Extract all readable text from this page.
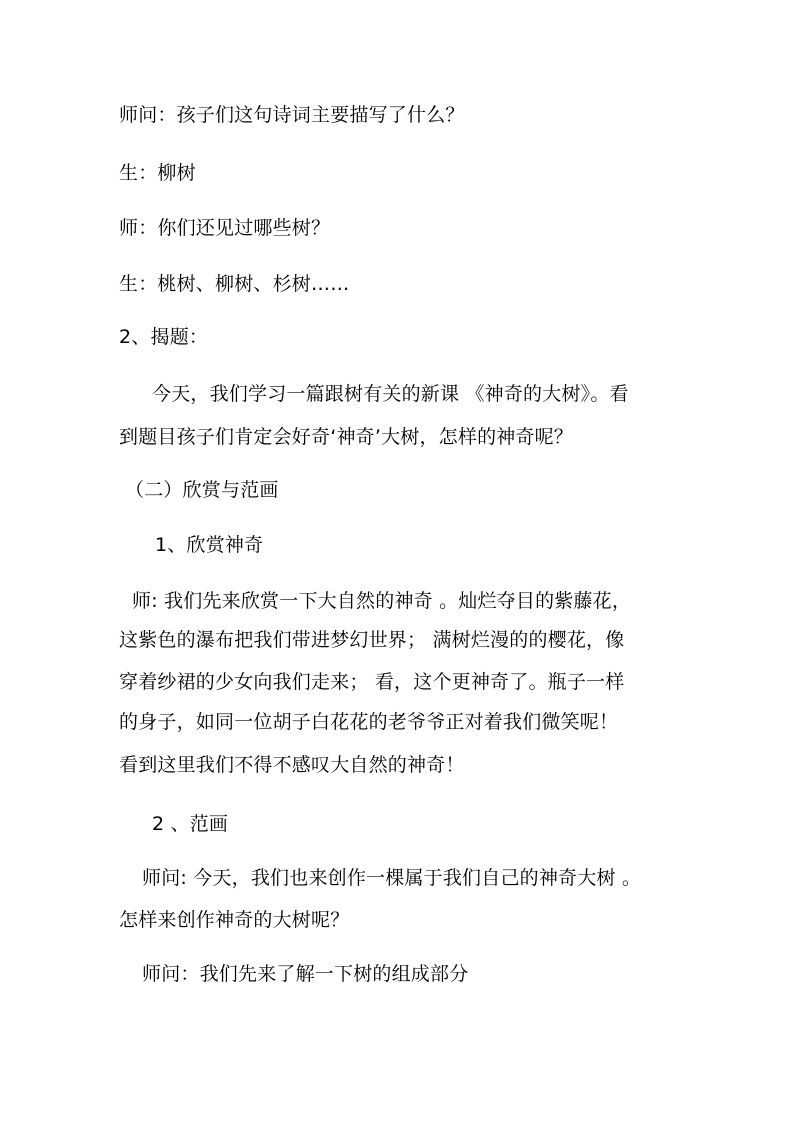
师问：孩子们这句诗词主要描写了什么？
生：柳树
师：你们还见过哪些树？
生：桃树、柳树、杉树……
2、揭题：
今天，我们学习一篇跟树有关的新课 《神奇的大树》。看
到题目孩子们肯定会好奇‘神奇’大树，怎样的神奇呢？
（二）欣赏与范画
1、欣赏神奇
师: 我们先来欣赏一下大自然的神奇 。灿烂夺目的紫藤花，
这紫色的瀑布把我们带进梦幻世界； 满树烂漫的的樱花，像
穿着纱裙的少女向我们走来； 看，这个更神奇了。瓶子一样
的身子，如同一位胡子白花花的老爷爷正对着我们微笑呢！
看到这里我们不得不感叹大自然的神奇！
2 、范画
师问: 今天，我们也来创作一棵属于我们自己的神奇大树 。
怎样来创作神奇的大树呢？
师问：我们先来了解一下树的组成部分
